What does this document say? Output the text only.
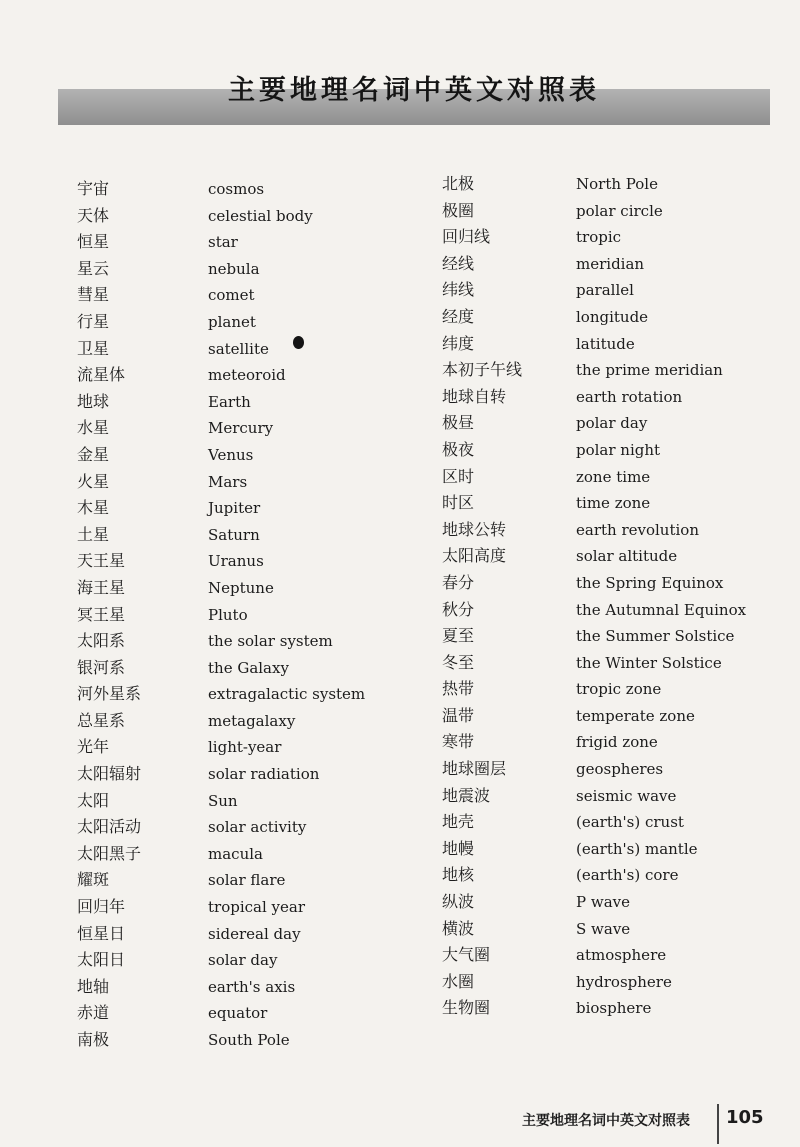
主要地理名词中英文对照表
宇宙	cosmos
天体	celestial body
恒星	star
星云	nebula
彗星	comet
行星	planet
卫星	satellite
流星体	meteoroid
地球	Earth
水星	Mercury
金星	Venus
火星	Mars
木星	Jupiter
土星	Saturn
天王星	Uranus
海王星	Neptune
冥王星	Pluto
太阳系	the solar system
银河系	the Galaxy
河外星系	extragalactic system
总星系	metagalaxy
光年	light-year
太阳辐射	solar radiation
太阳	Sun
太阳活动	solar activity
太阳黑子	macula
耀斑	solar flare
回归年	tropical year
恒星日	sidereal day
太阳日	solar day
地轴	earth's axis
赤道	equator
南极	South Pole
北极	North Pole
极圈	polar circle
回归线	tropic
经线	meridian
纬线	parallel
经度	longitude
纬度	latitude
本初子午线	the prime meridian
地球自转	earth rotation
极昼	polar day
极夜	polar night
区时	zone time
时区	time zone
地球公转	earth revolution
太阳高度	solar altitude
春分	the Spring Equinox
秋分	the Autumnal Equinox
夏至	the Summer Solstice
冬至	the Winter Solstice
热带	tropic zone
温带	temperate zone
寒带	frigid zone
地球圈层	geospheres
地震波	seismic wave
地壳	(earth's) crust
地幔	(earth's) mantle
地核	(earth's) core
纵波	P wave
横波	S wave
大气圈	atmosphere
水圈	hydrosphere
生物圈	biosphere
主要地理名词中英文对照表 105
